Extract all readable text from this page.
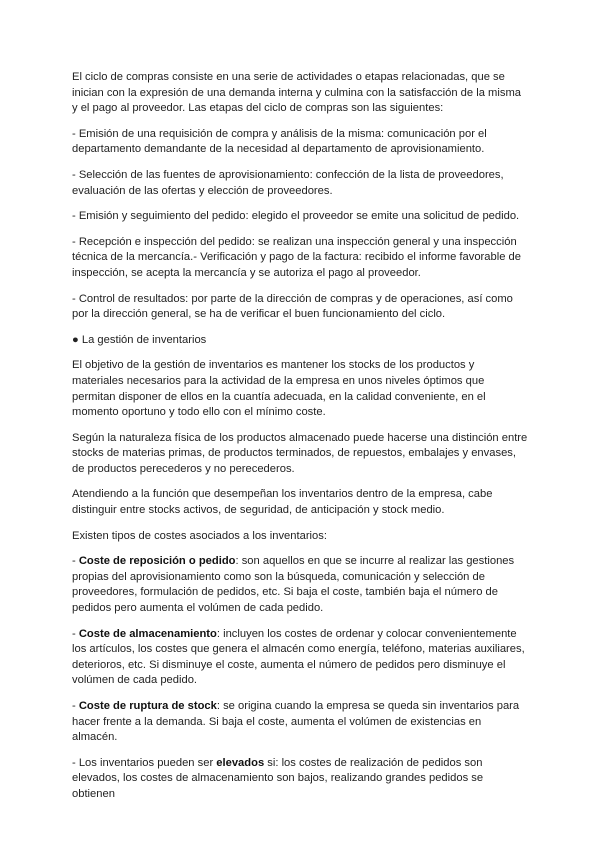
El ciclo de compras consiste en una serie de actividades o etapas relacionadas, que se inician con la expresión de una demanda interna y culmina con la satisfacción de la misma y el pago al proveedor. Las etapas del ciclo de compras son las siguientes:

- Emisión de una requisición de compra y análisis de la misma: comunicación por el departamento demandante de la necesidad al departamento de aprovisionamiento.

- Selección de las fuentes de aprovisionamiento: confección de la lista de proveedores, evaluación de las ofertas y elección de proveedores.

- Emisión y seguimiento del pedido: elegido el proveedor se emite una solicitud de pedido.

- Recepción e inspección del pedido: se realizan una inspección general y una inspección técnica de la mercancía.- Verificación y pago de la factura: recibido el informe favorable de inspección, se acepta la mercancía y se autoriza el pago al proveedor.

- Control de resultados: por parte de la dirección de compras y de operaciones, así como por la dirección general, se ha de verificar el buen funcionamiento del ciclo.

● La gestión de inventarios

El objetivo de la gestión de inventarios es mantener los stocks de los productos y materiales necesarios para la actividad de la empresa en unos niveles óptimos que permitan disponer de ellos en la cuantía adecuada, en la calidad conveniente, en el momento oportuno y todo ello con el mínimo coste.

Según la naturaleza física de los productos almacenado puede hacerse una distinción entre stocks de materias primas, de productos terminados, de repuestos, embalajes y envases, de productos perecederos y no perecederos.

Atendiendo a la función que desempeñan los inventarios dentro de la empresa, cabe distinguir entre stocks activos, de seguridad, de anticipación y stock medio.

Existen tipos de costes asociados a los inventarios:

- Coste de reposición o pedido: son aquellos en que se incurre al realizar las gestiones propias del aprovisionamiento como son la búsqueda, comunicación y selección de proveedores, formulación de pedidos, etc. Si baja el coste, también baja el número de pedidos pero aumenta el volúmen de cada pedido.

- Coste de almacenamiento: incluyen los costes de ordenar y colocar convenientemente los artículos, los costes que genera el almacén como energía, teléfono, materias auxiliares, deterioros, etc. Si disminuye el coste, aumenta el número de pedidos pero disminuye el volúmen de cada pedido.

- Coste de ruptura de stock: se origina cuando la empresa se queda sin inventarios para hacer frente a la demanda. Si baja el coste, aumenta el volúmen de existencias en almacén.

- Los inventarios pueden ser elevados si: los costes de realización de pedidos son elevados, los costes de almacenamiento son bajos, realizando grandes pedidos se obtienen
